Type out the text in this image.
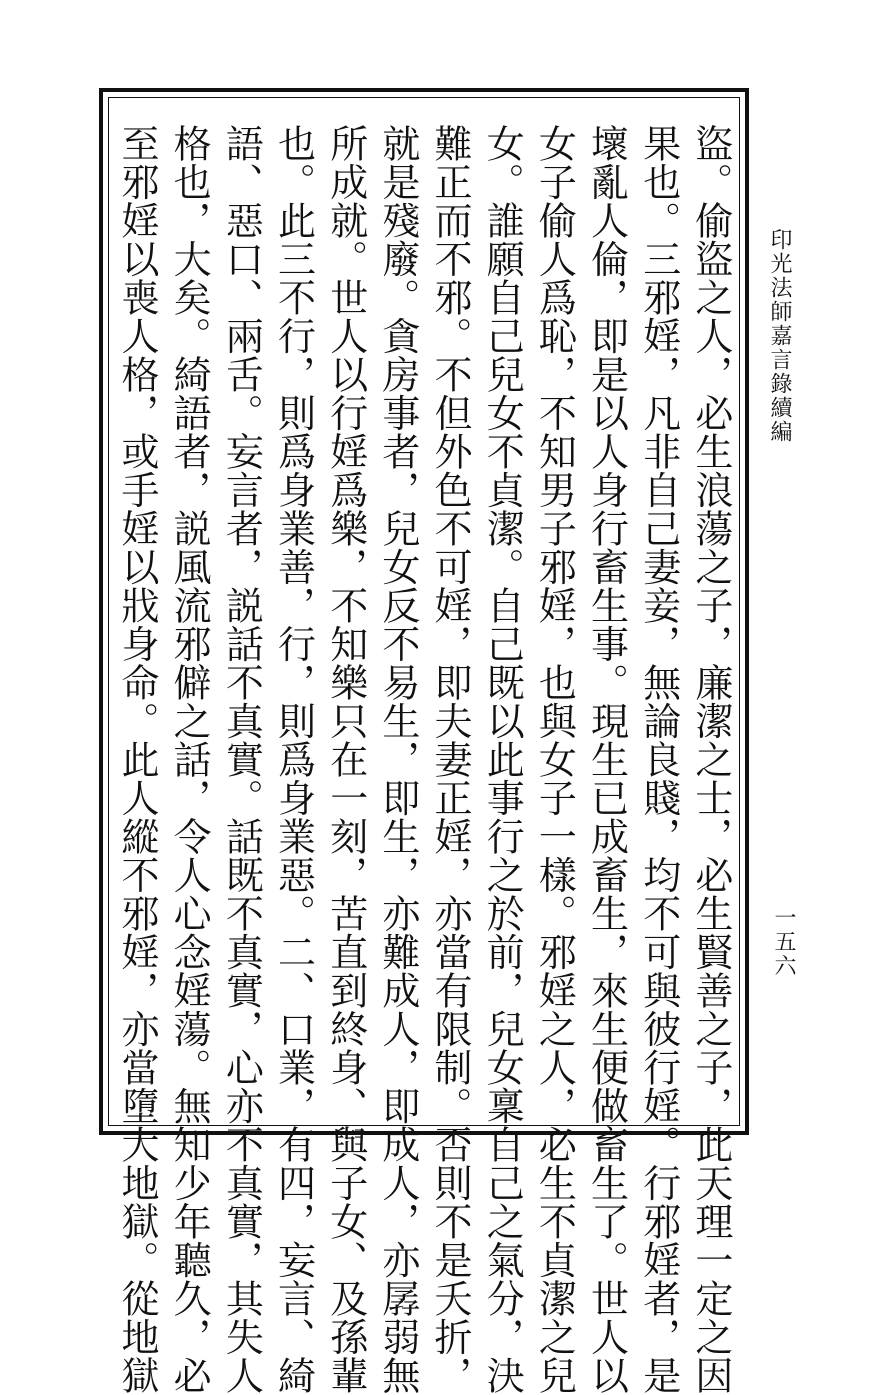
盜。偷盜之人，必生浪蕩之子，廉潔之士，必生賢善之子，此天理一定之因
果也。三邪婬，凡非自己妻妾，無論良賤，均不可與彼行婬。行邪婬者，是
壞亂人倫，即是以人身行畜生事。現生已成畜生，來生便做畜生了。世人以
女子偷人爲恥，不知男子邪婬，也與女子一樣。邪婬之人，必生不貞潔之兒
女。誰願自己兒女不貞潔。自己既以此事行之於前，兒女稟自己之氣分，決
難正而不邪。不但外色不可婬，即夫妻正婬，亦當有限制。否則不是夭折，
就是殘廢。貪房事者，兒女反不易生，即生，亦難成人，即成人，亦孱弱無
所成就。世人以行婬爲樂，不知樂只在一刻，苦直到終身、與子女、及孫輩
也。此三不行，則爲身業善，行，則爲身業惡。二、口業，有四，妄言、綺
語、惡口、兩舌。妄言者，説話不真實。話既不真實，心亦不真實，其失人
格也，大矣。綺語者，説風流邪僻之話，令人心念婬蕩。無知少年聽久，必
至邪婬以喪人格，或手婬以戕身命。此人縱不邪婬，亦當墮大地獄。從地獄	印光法師嘉言錄續編
一五六
